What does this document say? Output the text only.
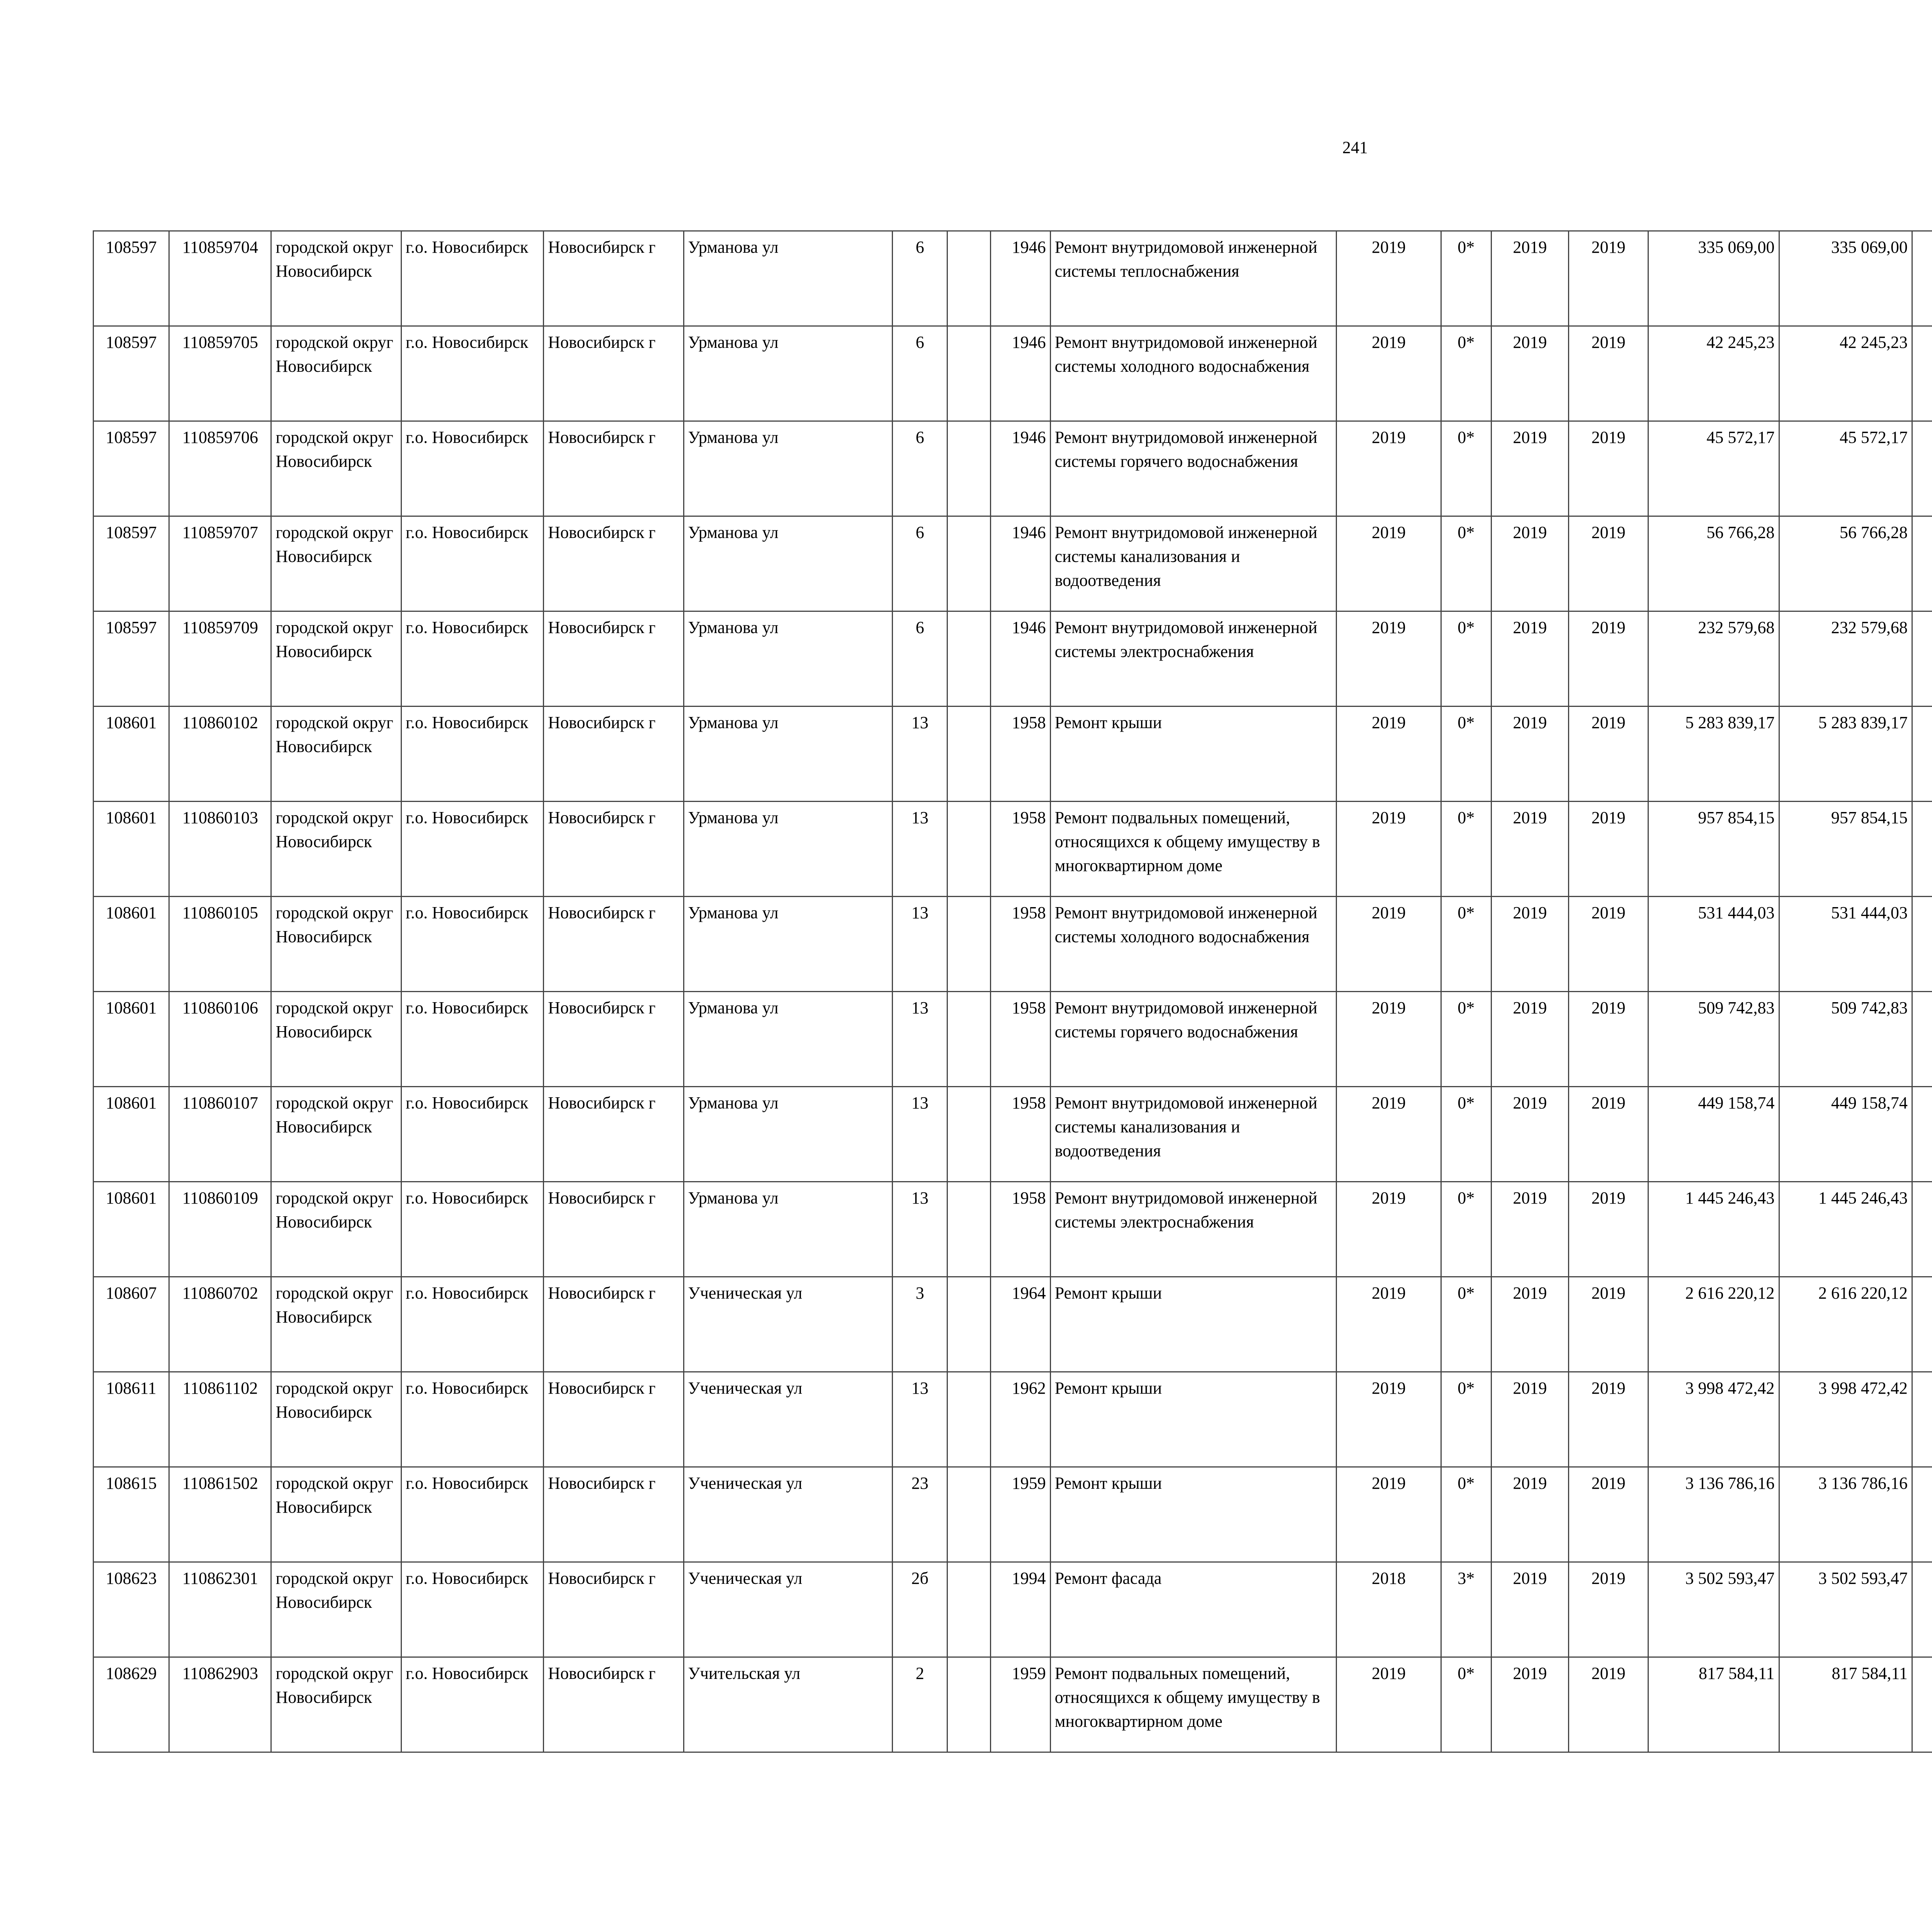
241
108597	110859704	городской округ Новосибирск	г.о. Новосибирск	Новосибирск г	Урманова ул	6		1946	Ремонт внутридомовой инженерной системы теплоснабжения	2019	0*	2019	2019	335 069,00	335 069,00						
108597	110859705	городской округ Новосибирск	г.о. Новосибирск	Новосибирск г	Урманова ул	6		1946	Ремонт внутридомовой инженерной системы холодного водоснабжения	2019	0*	2019	2019	42 245,23	42 245,23						
108597	110859706	городской округ Новосибирск	г.о. Новосибирск	Новосибирск г	Урманова ул	6		1946	Ремонт внутридомовой инженерной системы горячего водоснабжения	2019	0*	2019	2019	45 572,17	45 572,17						
108597	110859707	городской округ Новосибирск	г.о. Новосибирск	Новосибирск г	Урманова ул	6		1946	Ремонт внутридомовой инженерной системы канализования и водоотведения	2019	0*	2019	2019	56 766,28	56 766,28						
108597	110859709	городской округ Новосибирск	г.о. Новосибирск	Новосибирск г	Урманова ул	6		1946	Ремонт внутридомовой инженерной системы электроснабжения	2019	0*	2019	2019	232 579,68	232 579,68						
108601	110860102	городской округ Новосибирск	г.о. Новосибирск	Новосибирск г	Урманова ул	13		1958	Ремонт крыши	2019	0*	2019	2019	5 283 839,17	5 283 839,17						
108601	110860103	городской округ Новосибирск	г.о. Новосибирск	Новосибирск г	Урманова ул	13		1958	Ремонт подвальных помещений, относящихся к общему имуществу в многоквартирном доме	2019	0*	2019	2019	957 854,15	957 854,15						
108601	110860105	городской округ Новосибирск	г.о. Новосибирск	Новосибирск г	Урманова ул	13		1958	Ремонт внутридомовой инженерной системы холодного водоснабжения	2019	0*	2019	2019	531 444,03	531 444,03						
108601	110860106	городской округ Новосибирск	г.о. Новосибирск	Новосибирск г	Урманова ул	13		1958	Ремонт внутридомовой инженерной системы горячего водоснабжения	2019	0*	2019	2019	509 742,83	509 742,83						
108601	110860107	городской округ Новосибирск	г.о. Новосибирск	Новосибирск г	Урманова ул	13		1958	Ремонт внутридомовой инженерной системы канализования и водоотведения	2019	0*	2019	2019	449 158,74	449 158,74						
108601	110860109	городской округ Новосибирск	г.о. Новосибирск	Новосибирск г	Урманова ул	13		1958	Ремонт внутридомовой инженерной системы электроснабжения	2019	0*	2019	2019	1 445 246,43	1 445 246,43						
108607	110860702	городской округ Новосибирск	г.о. Новосибирск	Новосибирск г	Ученическая ул	3		1964	Ремонт крыши	2019	0*	2019	2019	2 616 220,12	2 616 220,12						
108611	110861102	городской округ Новосибирск	г.о. Новосибирск	Новосибирск г	Ученическая ул	13		1962	Ремонт крыши	2019	0*	2019	2019	3 998 472,42	3 998 472,42						
108615	110861502	городской округ Новосибирск	г.о. Новосибирск	Новосибирск г	Ученическая ул	23		1959	Ремонт крыши	2019	0*	2019	2019	3 136 786,16	3 136 786,16						
108623	110862301	городской округ Новосибирск	г.о. Новосибирск	Новосибирск г	Ученическая ул	2б		1994	Ремонт фасада	2018	3*	2019	2019	3 502 593,47	3 502 593,47						
108629	110862903	городской округ Новосибирск	г.о. Новосибирск	Новосибирск г	Учительская ул	2		1959	Ремонт подвальных помещений, относящихся к общему имуществу в многоквартирном доме	2019	0*	2019	2019	817 584,11	817 584,11						
